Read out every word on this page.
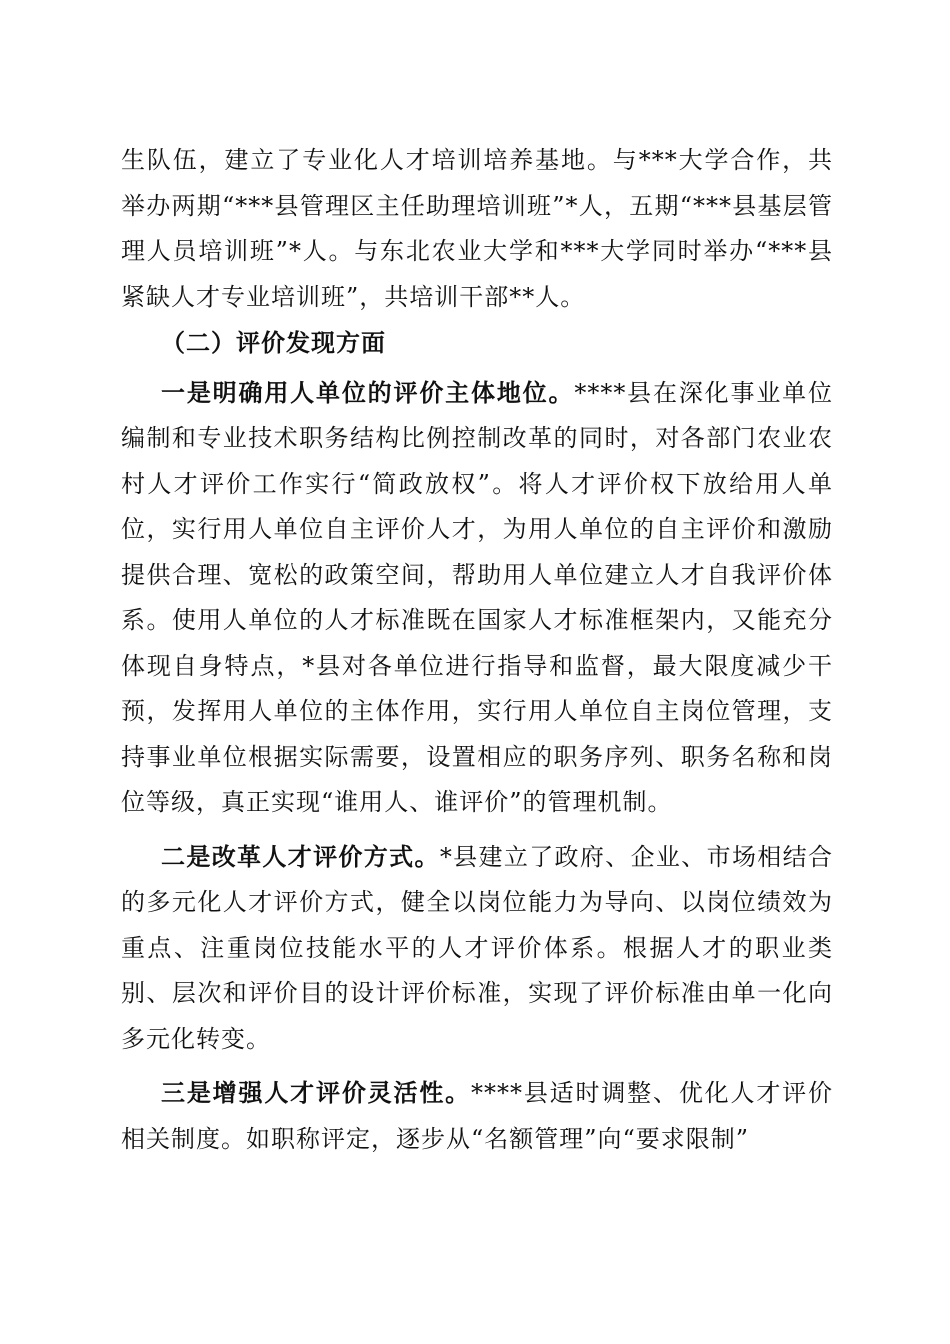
生队伍，建立了专业化人才培训培养基地。与***大学合作，共举办两期“***县管理区主任助理培训班”*人，五期“***县基层管理人员培训班”*人。与东北农业大学和***大学同时举办“***县紧缺人才专业培训班”，共培训干部**人。

（二）评价发现方面

一是明确用人单位的评价主体地位。****县在深化事业单位编制和专业技术职务结构比例控制改革的同时，对各部门农业农村人才评价工作实行“简政放权”。将人才评价权下放给用人单位，实行用人单位自主评价人才，为用人单位的自主评价和激励提供合理、宽松的政策空间，帮助用人单位建立人才自我评价体系。使用人单位的人才标准既在国家人才标准框架内，又能充分体现自身特点，*县对各单位进行指导和监督，最大限度减少干预，发挥用人单位的主体作用，实行用人单位自主岗位管理，支持事业单位根据实际需要，设置相应的职务序列、职务名称和岗位等级，真正实现“谁用人、谁评价”的管理机制。

二是改革人才评价方式。*县建立了政府、企业、市场相结合的多元化人才评价方式，健全以岗位能力为导向、以岗位绩效为重点、注重岗位技能水平的人才评价体系。根据人才的职业类别、层次和评价目的设计评价标准，实现了评价标准由单一化向多元化转变。

三是增强人才评价灵活性。****县适时调整、优化人才评价相关制度。如职称评定，逐步从“名额管理”向“要求限制”
